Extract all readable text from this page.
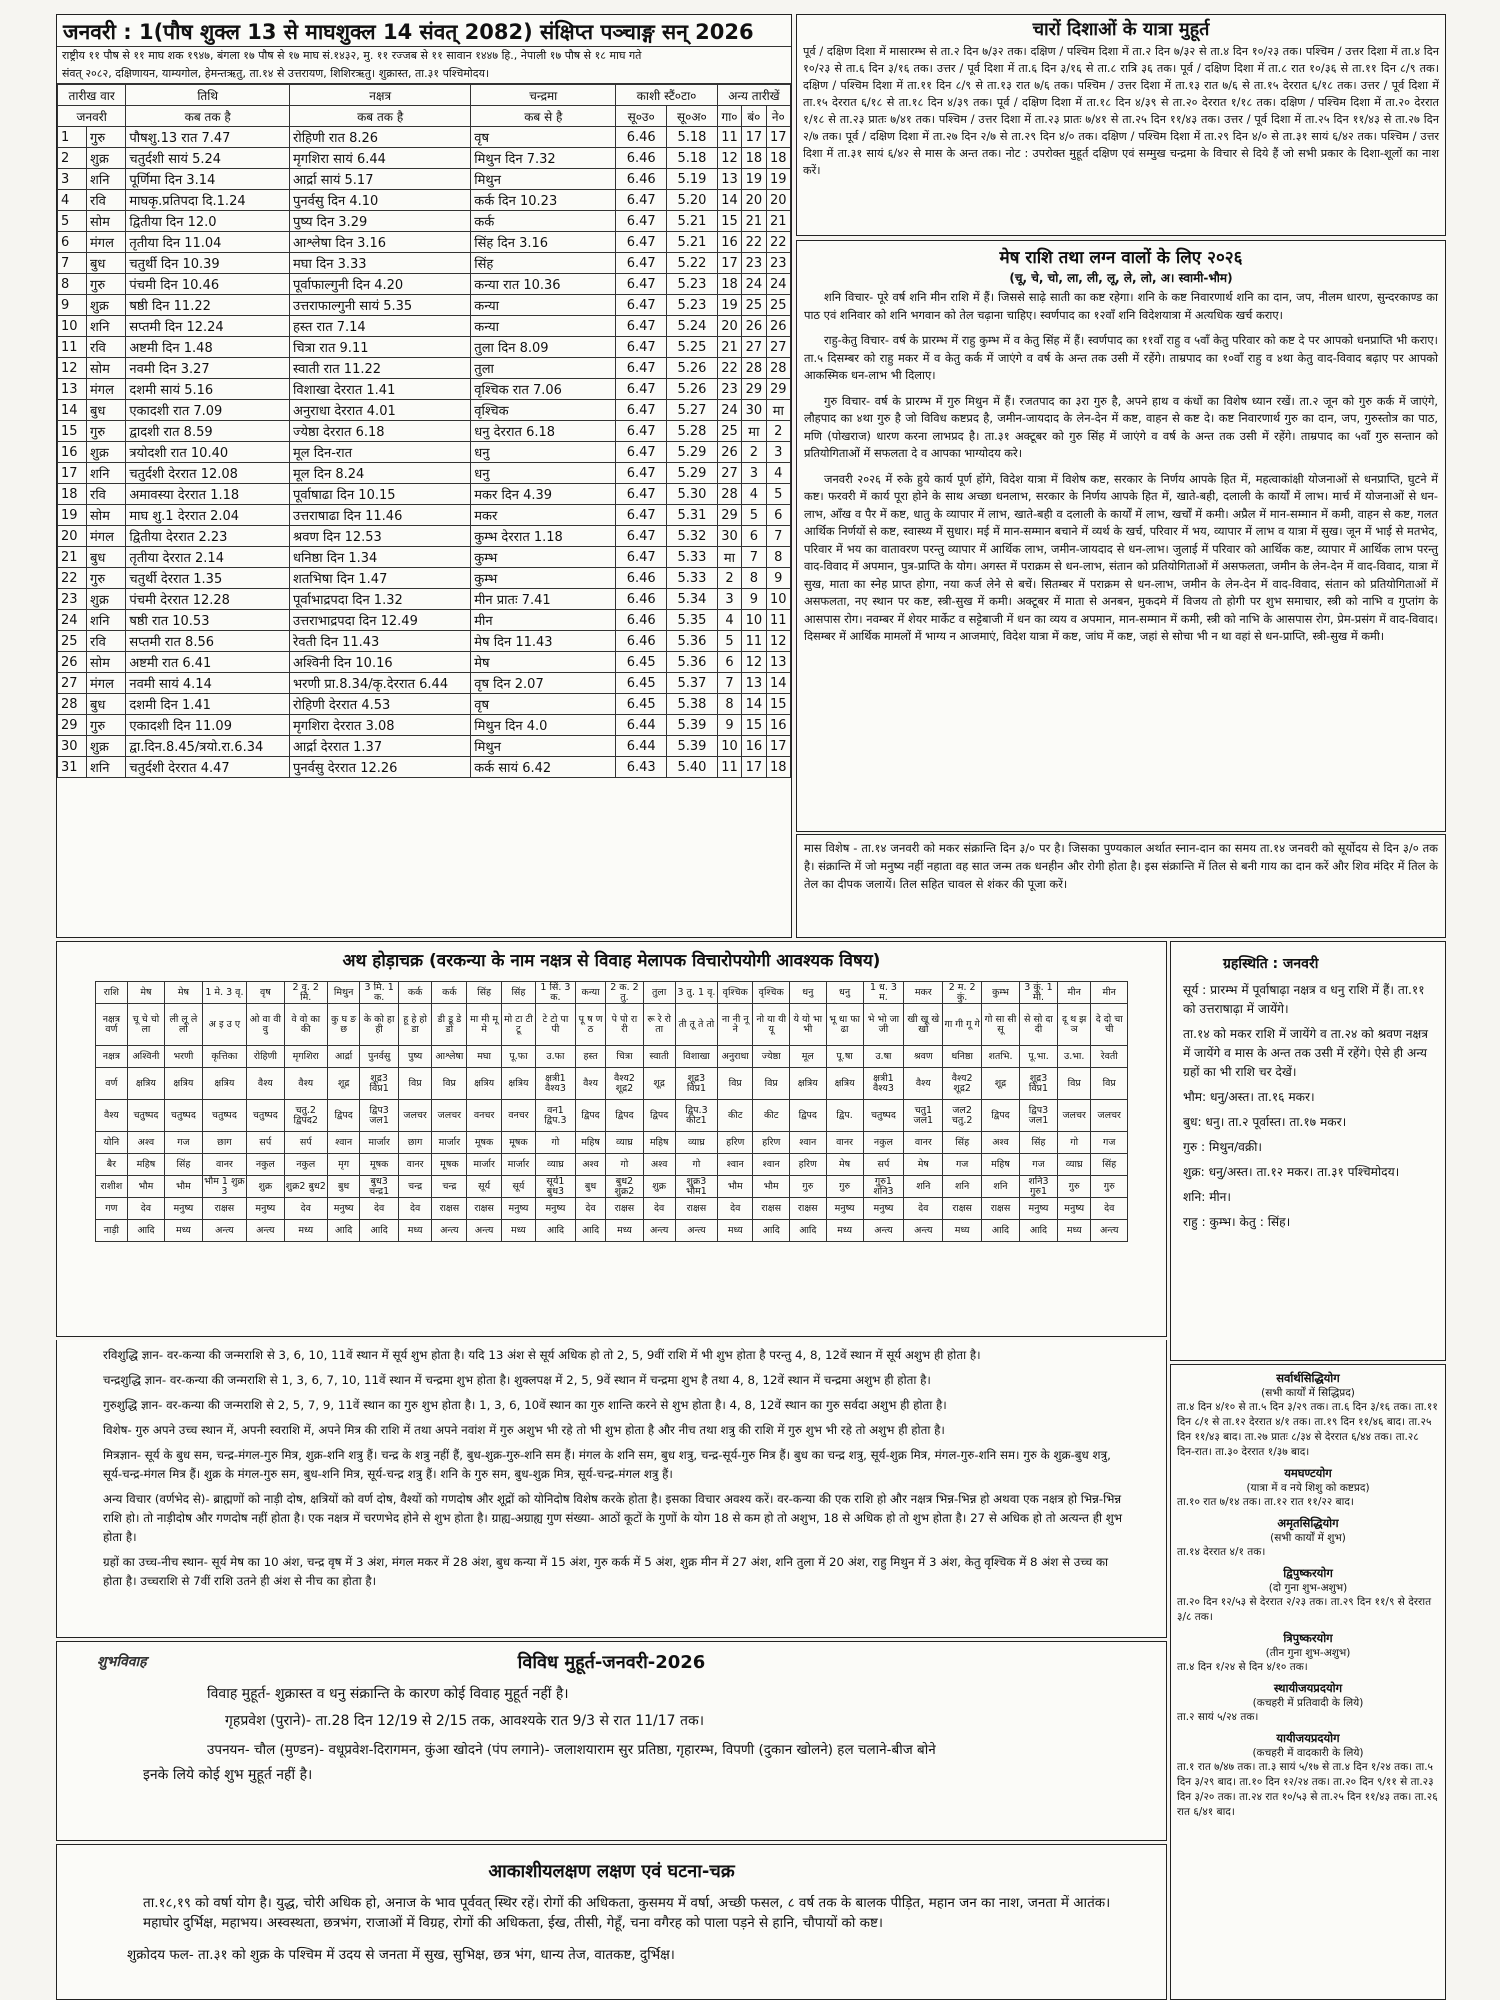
जनवरी : 1(पौष शुक्ल 13 से माघशुक्ल 14 संवत् 2082) संक्षिप्त पञ्चाङ्ग सन् 2026
राष्ट्रीय ११ पौष से ११ माघ शक १९४७, बंगला १७ पौष से १७ माघ सं.१४३२, मु. ११ रज्जब से ११ सावान १४४७ हि., नेपाली १७ पौष से १८ माघ गते
संवत् २०८२, दक्षिणायन, याम्यगोल, हेमन्तऋतु, ता.१४ से उत्तरायण, शिशिरऋतु। शुक्रास्त, ता.३१ पश्चिमोदय।
तारीख वार		तिथि	नक्षत्र	चन्द्रमा	काशी स्टैं०टा०		अन्य तारीखें		
जनवरी		कब तक है	कब तक है	कब से है	सू०उ०	सू०अ०	गा०	बं०	ने०
1	गुरु	पौषशु.13 रात 7.47	रोहिणी रात 8.26	वृष	6.46	5.18	11	17	17
2	शुक्र	चतुर्दशी सायं 5.24	मृगशिरा सायं 6.44	मिथुन दिन 7.32	6.46	5.18	12	18	18
3	शनि	पूर्णिमा दिन 3.14	आर्द्रा सायं 5.17	मिथुन	6.46	5.19	13	19	19
4	रवि	माघकृ.प्रतिपदा दि.1.24	पुनर्वसु दिन 4.10	कर्क दिन 10.23	6.47	5.20	14	20	20
5	सोम	द्वितीया दिन 12.0	पुष्य दिन 3.29	कर्क	6.47	5.21	15	21	21
6	मंगल	तृतीया दिन 11.04	आश्लेषा दिन 3.16	सिंह दिन 3.16	6.47	5.21	16	22	22
7	बुध	चतुर्थी दिन 10.39	मघा दिन 3.33	सिंह	6.47	5.22	17	23	23
8	गुरु	पंचमी दिन 10.46	पूर्वाफाल्गुनी दिन 4.20	कन्या रात 10.36	6.47	5.23	18	24	24
9	शुक्र	षष्ठी दिन 11.22	उत्तराफाल्गुनी सायं 5.35	कन्या	6.47	5.23	19	25	25
10	शनि	सप्तमी दिन 12.24	हस्त रात 7.14	कन्या	6.47	5.24	20	26	26
11	रवि	अष्टमी दिन 1.48	चित्रा रात 9.11	तुला दिन 8.09	6.47	5.25	21	27	27
12	सोम	नवमी दिन 3.27	स्वाती रात 11.22	तुला	6.47	5.26	22	28	28
13	मंगल	दशमी सायं 5.16	विशाखा देररात 1.41	वृश्चिक रात 7.06	6.47	5.26	23	29	29
14	बुध	एकादशी रात 7.09	अनुराधा देररात 4.01	वृश्चिक	6.47	5.27	24	30	मा
15	गुरु	द्वादशी रात 8.59	ज्येष्ठा देररात 6.18	धनु देररात 6.18	6.47	5.28	25	मा	2
16	शुक्र	त्रयोदशी रात 10.40	मूल दिन-रात	धनु	6.47	5.29	26	2	3
17	शनि	चतुर्दशी देररात 12.08	मूल दिन 8.24	धनु	6.47	5.29	27	3	4
18	रवि	अमावस्या देररात 1.18	पूर्वाषाढा दिन 10.15	मकर दिन 4.39	6.47	5.30	28	4	5
19	सोम	माघ शु.1 देररात 2.04	उत्तराषाढा दिन 11.46	मकर	6.47	5.31	29	5	6
20	मंगल	द्वितीया देररात 2.23	श्रवण दिन 12.53	कुम्भ देररात 1.18	6.47	5.32	30	6	7
21	बुध	तृतीया देररात 2.14	धनिष्ठा दिन 1.34	कुम्भ	6.47	5.33	मा	7	8
22	गुरु	चतुर्थी देररात 1.35	शतभिषा दिन 1.47	कुम्भ	6.46	5.33	2	8	9
23	शुक्र	पंचमी देररात 12.28	पूर्वाभाद्रपदा दिन 1.32	मीन प्रातः 7.41	6.46	5.34	3	9	10
24	शनि	षष्ठी रात 10.53	उत्तराभाद्रपदा दिन 12.49	मीन	6.46	5.35	4	10	11
25	रवि	सप्तमी रात 8.56	रेवती दिन 11.43	मेष दिन 11.43	6.46	5.36	5	11	12
26	सोम	अष्टमी रात 6.41	अश्विनी दिन 10.16	मेष	6.45	5.36	6	12	13
27	मंगल	नवमी सायं 4.14	भरणी प्रा.8.34/कृ.देररात 6.44	वृष दिन 2.07	6.45	5.37	7	13	14
28	बुध	दशमी दिन 1.41	रोहिणी देररात 4.53	वृष	6.45	5.38	8	14	15
29	गुरु	एकादशी दिन 11.09	मृगशिरा देररात 3.08	मिथुन दिन 4.0	6.44	5.39	9	15	16
30	शुक्र	द्वा.दिन.8.45/त्रयो.रा.6.34	आर्द्रा देररात 1.37	मिथुन	6.44	5.39	10	16	17
31	शनि	चतुर्दशी देररात 4.47	पुनर्वसु देररात 12.26	कर्क सायं 6.42	6.43	5.40	11	17	18
चारों दिशाओं के यात्रा मुहूर्त

पूर्व / दक्षिण दिशा में मासारम्भ से ता.२ दिन ७/३२ तक। दक्षिण / पश्चिम दिशा में ता.२ दिन ७/३२ से ता.४ दिन १०/२३ तक। पश्चिम / उत्तर दिशा में ता.४ दिन १०/२३ से ता.६ दिन ३/१६ तक। उत्तर / पूर्व दिशा में ता.६ दिन ३/१६ से ता.८ रात्रि ३६ तक। पूर्व / दक्षिण दिशा में ता.८ रात १०/३६ से ता.११ दिन ८/९ तक। दक्षिण / पश्चिम दिशा में ता.११ दिन ८/९ से ता.१३ रात ७/६ तक। पश्चिम / उत्तर दिशा में ता.१३ रात ७/६ से ता.१५ देररात ६/१८ तक। उत्तर / पूर्व दिशा में ता.१५ देररात ६/१८ से ता.१८ दिन ४/३९ तक। पूर्व / दक्षिण दिशा में ता.१८ दिन ४/३९ से ता.२० देररात १/१८ तक। दक्षिण / पश्चिम दिशा में ता.२० देररात १/१८ से ता.२३ प्रातः ७/४१ तक। पश्चिम / उत्तर दिशा में ता.२३ प्रातः ७/४१ से ता.२५ दिन ११/४३ तक। उत्तर / पूर्व दिशा में ता.२५ दिन ११/४३ से ता.२७ दिन २/७ तक। पूर्व / दक्षिण दिशा में ता.२७ दिन २/७ से ता.२९ दिन ४/० तक। दक्षिण / पश्चिम दिशा में ता.२९ दिन ४/० से ता.३१ सायं ६/४२ तक। पश्चिम / उत्तर दिशा में ता.३१ सायं ६/४२ से मास के अन्त तक। नोट : उपरोक्त मुहूर्त दक्षिण एवं सम्मुख चन्द्रमा के विचार से दिये हैं जो सभी प्रकार के दिशा-शूलों का नाश करें।

मेष राशि तथा लग्न वालों के लिए २०२६
(चू, चे, चो, ला, ली, लू, ले, लो, अ। स्वामी-भौम)

शनि विचार- पूरे वर्ष शनि मीन राशि में हैं। जिससे साढ़े साती का कष्ट रहेगा। शनि के कष्ट निवारणार्थ शनि का दान, जप, नीलम धारण, सुन्दरकाण्ड का पाठ एवं शनिवार को शनि भगवान को तेल चढ़ाना चाहिए। स्वर्णपाद का १२वाँ शनि विदेशयात्रा में अत्यधिक खर्च कराए।

राहु-केतु विचार- वर्ष के प्रारम्भ में राहु कुम्भ में व केतु सिंह में हैं। स्वर्णपाद का ११वाँ राहु व ५वाँ केतु परिवार को कष्ट दे पर आपको धनप्राप्ति भी कराए। ता.५ दिसम्बर को राहु मकर में व केतु कर्क में जाएंगे व वर्ष के अन्त तक उसी में रहेंगे। ताम्रपाद का १०वाँ राहु व ४था केतु वाद-विवाद बढ़ाए पर आपको आकस्मिक धन-लाभ भी दिलाए।

गुरु विचार- वर्ष के प्रारम्भ में गुरु मिथुन में हैं। रजतपाद का ३रा गुरु है, अपने हाथ व कंधों का विशेष ध्यान रखें। ता.२ जून को गुरु कर्क में जाएंगे, लौहपाद का ४था गुरु है जो विविध कष्टप्रद है, जमीन-जायदाद के लेन-देन में कष्ट, वाहन से कष्ट दे। कष्ट निवारणार्थ गुरु का दान, जप, गुरुस्तोत्र का पाठ, मणि (पोखराज) धारण करना लाभप्रद है। ता.३१ अक्टूबर को गुरु सिंह में जाएंगे व वर्ष के अन्त तक उसी में रहेंगे। ताम्रपाद का ५वाँ गुरु सन्तान को प्रतियोगिताओं में सफलता दे व आपका भाग्योदय करे।

जनवरी २०२६ में रुके हुये कार्य पूर्ण होंगे, विदेश यात्रा में विशेष कष्ट, सरकार के निर्णय आपके हित में, महत्वाकांक्षी योजनाओं से धनप्राप्ति, घुटने में कष्ट। फरवरी में कार्य पूरा होने के साथ अच्छा धनलाभ, सरकार के निर्णय आपके हित में, खाते-बही, दलाली के कार्यों में लाभ। मार्च में योजनाओं से धन-लाभ, आँख व पैर में कष्ट, धातु के व्यापार में लाभ, खाते-बही व दलाली के कार्यों में लाभ, खर्चों में कमी। अप्रैल में मान-सम्मान में कमी, वाहन से कष्ट, गलत आर्थिक निर्णयों से कष्ट, स्वास्थ्य में सुधार। मई में मान-सम्मान बचाने में व्यर्थ के खर्च, परिवार में भय, व्यापार में लाभ व यात्रा में सुख। जून में भाई से मतभेद, परिवार में भय का वातावरण परन्तु व्यापार में आर्थिक लाभ, जमीन-जायदाद से धन-लाभ। जुलाई में परिवार को आर्थिक कष्ट, व्यापार में आर्थिक लाभ परन्तु वाद-विवाद में अपमान, पुत्र-प्राप्ति के योग। अगस्त में पराक्रम से धन-लाभ, संतान को प्रतियोगिताओं में असफलता, जमीन के लेन-देन में वाद-विवाद, यात्रा में सुख, माता का स्नेह प्राप्त होगा, नया कर्ज लेने से बचें। सितम्बर में पराक्रम से धन-लाभ, जमीन के लेन-देन में वाद-विवाद, संतान को प्रतियोगिताओं में असफलता, नए स्थान पर कष्ट, स्त्री-सुख में कमी। अक्टूबर में माता से अनबन, मुकदमे में विजय तो होगी पर शुभ समाचार, स्त्री को नाभि व गुप्तांग के आसपास रोग। नवम्बर में शेयर मार्केट व सट्टेबाजी में धन का व्यय व अपमान, मान-सम्मान में कमी, स्त्री को नाभि के आसपास रोग, प्रेम-प्रसंग में वाद-विवाद। दिसम्बर में आर्थिक मामलों में भाग्य न आजमाएं, विदेश यात्रा में कष्ट, जांघ में कष्ट, जहां से सोचा भी न था वहां से धन-प्राप्ति, स्त्री-सुख में कमी।

मास विशेष - ता.१४ जनवरी को मकर संक्रान्ति दिन ३/० पर है। जिसका पुण्यकाल अर्थात स्नान-दान का समय ता.१४ जनवरी को सूर्योदय से दिन ३/० तक है। संक्रान्ति में जो मनुष्य नहीं नहाता वह सात जन्म तक धनहीन और रोगी होता है। इस संक्रान्ति में तिल से बनी गाय का दान करें और शिव मंदिर में तिल के तेल का दीपक जलायें। तिल सहित चावल से शंकर की पूजा करें।

अथ होड़ाचक्र (वरकन्या के नाम नक्षत्र से विवाह मेलापक विचारोपयोगी आवश्यक विषय)
राशि	मेष	मेष	1 मे. 3 वृ.	वृष	2 वृ. 2 मि.	मिथुन	3 मि. 1 क.	कर्क	कर्क	सिंह	सिंह	1 सिं. 3 क.	कन्या	2 क. 2 तु.	तुला	3 तु. 1 वृ.	वृश्चिक	वृश्चिक	धनु	धनु	1 ध. 3 म.	मकर	2 म. 2 कुं.	कुम्भ	3 कुं. 1 मी.	मीन	मीन
नक्षत्र वर्ण	चू चे चो ला	ली लू ले लो	अ इ उ ए	ओ वा वी वु	वे वो का की	कु घ ङ छ	के को हा ही	हू हे हो डा	डी डू डे डो	मा मी मू मे	मो टा टी टू	टे टो पा पी	पू ष ण ठ	पे पो रा री	रू रे रो ता	ती तू ते तो	ना नी नू ने	नो या यी यू	ये यो भा भी	भू धा फा ढा	भे भो जा जी	खी खू खे खो	गा गी गू गे	गो सा सी सू	से सो दा दी	दू थ झ ञ	दे दो चा ची
नक्षत्र	अश्विनी	भरणी	कृत्तिका	रोहिणी	मृगशिरा	आर्द्रा	पुनर्वसु	पुष्य	आश्लेषा	मघा	पू.फा	उ.फा	हस्त	चित्रा	स्वाती	विशाखा	अनुराधा	ज्येष्ठा	मूल	पू.षा	उ.षा	श्रवण	धनिष्ठा	शतभि.	पू.भा.	उ.भा.	रेवती
वर्ण	क्षत्रिय	क्षत्रिय	क्षत्रिय	वैश्य	वैश्य	शूद्र	शूद्र3 विप्र1	विप्र	विप्र	क्षत्रिय	क्षत्रिय	क्षत्री1 वैश्य3	वैश्य	वैश्य2 शूद्र2	शूद्र	शूद्र3 विप्र1	विप्र	विप्र	क्षत्रिय	क्षत्रिय	क्षत्री1 वैश्य3	वैश्य	वैश्य2 शूद्र2	शूद्र	शूद्र3 विप्र1	विप्र	विप्र
वैश्य	चतुष्पद	चतुष्पद	चतुष्पद	चतुष्पद	चतु.2 द्विपद2	द्विपद	द्विप3 जल1	जलचर	जलचर	वनचर	वनचर	वन1 द्विप.3	द्विपद	द्विपद	द्विपद	द्विप.3 कीट1	कीट	कीट	द्विपद	द्विप.	चतुष्पद	चतु1 जल1	जल2 चतु.2	द्विपद	द्विप3 जल1	जलचर	जलचर
योनि	अश्व	गज	छाग	सर्प	सर्प	श्वान	मार्जार	छाग	मार्जार	मूषक	मूषक	गो	महिष	व्याघ्र	महिष	व्याघ्र	हरिण	हरिण	श्वान	वानर	नकुल	वानर	सिंह	अश्व	सिंह	गो	गज
बैर	महिष	सिंह	वानर	नकुल	नकुल	मृग	मूषक	वानर	मूषक	मार्जार	मार्जार	व्याघ्र	अश्व	गो	अश्व	गो	श्वान	श्वान	हरिण	मेष	सर्प	मेष	गज	महिष	गज	व्याघ्र	सिंह
राशीश	भौम	भौम	भौम 1 शुक्र 3	शुक्र	शुक्र2 बुध2	बुध	बुध3 चन्द्र1	चन्द्र	चन्द्र	सूर्य	सूर्य	सूर्य1 बुध3	बुध	बुध2 शुक्र2	शुक्र	शुक्र3 भौम1	भौम	भौम	गुरु	गुरु	गुरु1 शनि3	शनि	शनि	शनि	शनि3 गुरु1	गुरु	गुरु
गण	देव	मनुष्य	राक्षस	मनुष्य	देव	मनुष्य	देव	देव	राक्षस	राक्षस	मनुष्य	मनुष्य	देव	राक्षस	देव	राक्षस	देव	राक्षस	राक्षस	मनुष्य	मनुष्य	देव	राक्षस	राक्षस	मनुष्य	मनुष्य	देव
नाड़ी	आदि	मध्य	अन्त्य	अन्त्य	मध्य	आदि	आदि	मध्य	अन्त्य	अन्त्य	मध्य	आदि	आदि	मध्य	अन्त्य	अन्त्य	मध्य	आदि	आदि	मध्य	अन्त्य	अन्त्य	मध्य	आदि	आदि	मध्य	अन्त्य

रविशुद्धि ज्ञान- वर-कन्या की जन्मराशि से 3, 6, 10, 11वें स्थान में सूर्य शुभ होता है। यदि 13 अंश से सूर्य अधिक हो तो 2, 5, 9वीं राशि में भी शुभ होता है परन्तु 4, 8, 12वें स्थान में सूर्य अशुभ ही होता है।

चन्द्रशुद्धि ज्ञान- वर-कन्या की जन्मराशि से 1, 3, 6, 7, 10, 11वें स्थान में चन्द्रमा शुभ होता है। शुक्लपक्ष में 2, 5, 9वें स्थान में चन्द्रमा शुभ है तथा 4, 8, 12वें स्थान में चन्द्रमा अशुभ ही होता है।

गुरुशुद्धि ज्ञान- वर-कन्या की जन्मराशि से 2, 5, 7, 9, 11वें स्थान का गुरु शुभ होता है। 1, 3, 6, 10वें स्थान का गुरु शान्ति करने से शुभ होता है। 4, 8, 12वें स्थान का गुरु सर्वदा अशुभ ही होता है।

विशेष- गुरु अपने उच्च स्थान में, अपनी स्वराशि में, अपने मित्र की राशि में तथा अपने नवांश में गुरु अशुभ भी रहे तो भी शुभ होता है और नीच तथा शत्रु की राशि में गुरु शुभ भी रहे तो अशुभ ही होता है।

मित्रज्ञान- सूर्य के बुध सम, चन्द्र-मंगल-गुरु मित्र, शुक्र-शनि शत्रु हैं। चन्द्र के शत्रु नहीं हैं, बुध-शुक्र-गुरु-शनि सम हैं। मंगल के शनि सम, बुध शत्रु, चन्द्र-सूर्य-गुरु मित्र हैं। बुध का चन्द्र शत्रु, सूर्य-शुक्र मित्र, मंगल-गुरु-शनि सम। गुरु के शुक्र-बुध शत्रु, सूर्य-चन्द्र-मंगल मित्र हैं। शुक्र के मंगल-गुरु सम, बुध-शनि मित्र, सूर्य-चन्द्र शत्रु हैं। शनि के गुरु सम, बुध-शुक्र मित्र, सूर्य-चन्द्र-मंगल शत्रु हैं।

अन्य विचार (वर्णभेद से)- ब्राह्मणों को नाड़ी दोष, क्षत्रियों को वर्ण दोष, वैश्यों को गणदोष और शूद्रों को योनिदोष विशेष करके होता है। इसका विचार अवश्य करें। वर-कन्या की एक राशि हो और नक्षत्र भिन्न-भिन्न हो अथवा एक नक्षत्र हो भिन्न-भिन्न राशि हो। तो नाड़ीदोष और गणदोष नहीं होता है। एक नक्षत्र में चरणभेद होने से शुभ होता है। ग्राह्य-अग्राह्य गुण संख्या- आठों कूटों के गुणों के योग 18 से कम हो तो अशुभ, 18 से अधिक हो तो शुभ होता है। 27 से अधिक हो तो अत्यन्त ही शुभ होता है।

ग्रहों का उच्च-नीच स्थान- सूर्य मेष का 10 अंश, चन्द्र वृष में 3 अंश, मंगल मकर में 28 अंश, बुध कन्या में 15 अंश, गुरु कर्क में 5 अंश, शुक्र मीन में 27 अंश, शनि तुला में 20 अंश, राहु मिथुन में 3 अंश, केतु वृश्चिक में 8 अंश से उच्च का होता है। उच्चराशि से 7वीं राशि उतने ही अंश से नीच का होता है।

शुभविवाह	विविध मुहूर्त-जनवरी-2026

विवाह मुहूर्त- शुक्रास्त व धनु संक्रान्ति के कारण कोई विवाह मुहूर्त नहीं है।

गृहप्रवेश (पुराने)- ता.28 दिन 12/19 से 2/15 तक, आवश्यके रात 9/3 से रात 11/17 तक।

उपनयन- चौल (मुण्डन)- वधूप्रवेश-दिरागमन, कुंआ खोदने (पंप लगाने)- जलाशयाराम सुर प्रतिष्ठा, गृहारम्भ, विपणी (दुकान खोलने) हल चलाने-बीज बोने

इनके लिये कोई शुभ मुहूर्त नहीं है।

आकाशीयलक्षण लक्षण एवं घटना-चक्र

ता.१८,१९ को वर्षा योग है। युद्ध, चोरी अधिक हो, अनाज के भाव पूर्ववत् स्थिर रहें। रोगों की अधिकता, कुसमय में वर्षा, अच्छी फसल, ८ वर्ष तक के बालक पीड़ित, महान जन का नाश, जनता में आतंक। महाघोर दुर्भिक्ष, महाभय। अस्वस्थता, छत्रभंग, राजाओं में विग्रह, रोगों की अधिकता, ईख, तीसी, गेहूँ, चना वगैरह को पाला पड़ने से हानि, चौपायों को कष्ट।

शुक्रोदय फल- ता.३१ को शुक्र के पश्चिम में उदय से जनता में सुख, सुभिक्ष, छत्र भंग, धान्य तेज, वातकष्ट, दुर्भिक्ष।

ग्रहस्थिति : जनवरी

सूर्य : प्रारम्भ में पूर्वाषाढ़ा नक्षत्र व धनु राशि में हैं। ता.११ को उत्तराषाढ़ा में जायेंगे।

ता.१४ को मकर राशि में जायेंगे व ता.२४ को श्रवण नक्षत्र में जायेंगे व मास के अन्त तक उसी में रहेंगे। ऐसे ही अन्य ग्रहों का भी राशि चर देखें।

भौम: धनु/अस्त। ता.१६ मकर।

बुध: धनु। ता.२ पूर्वास्त। ता.१७ मकर।

गुरु : मिथुन/वक्री।

शुक्र: धनु/अस्त। ता.१२ मकर। ता.३१ पश्चिमोदय।

शनि: मीन।

राहु : कुम्भ। केतु : सिंह।

सर्वार्थसिद्धियोग
(सभी कार्यों में सिद्धिप्रद)
ता.४ दिन ४/१० से ता.५ दिन ३/२९ तक। ता.६ दिन ३/१६ तक। ता.११ दिन ८/१ से ता.१२ देररात ४/१ तक। ता.१९ दिन ११/४६ बाद। ता.२५ दिन ११/४३ बाद। ता.२७ प्रातः ८/३४ से देररात ६/४४ तक। ता.२८ दिन-रात। ता.३० देररात १/३७ बाद।
यमघण्टयोग
(यात्रा में व नये शिशु को कष्टप्रद)
ता.१० रात ७/१४ तक। ता.१२ रात ११/२२ बाद।
अमृतसिद्धियोग
(सभी कार्यों में शुभ)
ता.१४ देररात ४/१ तक।
द्विपुष्करयोग
(दो गुना शुभ-अशुभ)
ता.२० दिन १२/५३ से देररात २/२३ तक। ता.२९ दिन ११/९ से देररात ३/८ तक।
त्रिपुष्करयोग
(तीन गुना शुभ-अशुभ)
ता.४ दिन १/२४ से दिन ४/१० तक।
स्थायीजयप्रदयोग
(कचहरी में प्रतिवादी के लिये)
ता.२ सायं ५/२४ तक।
यायीजयप्रदयोग
(कचहरी में वादकारी के लिये)
ता.१ रात ७/४७ तक। ता.३ सायं ५/१७ से ता.४ दिन १/२४ तक। ता.५ दिन ३/२९ बाद। ता.१० दिन १२/२४ तक। ता.२० दिन ९/११ से ता.२३ दिन ३/२० तक। ता.२४ रात १०/५३ से ता.२५ दिन ११/४३ तक। ता.२६ रात ६/४१ बाद।
